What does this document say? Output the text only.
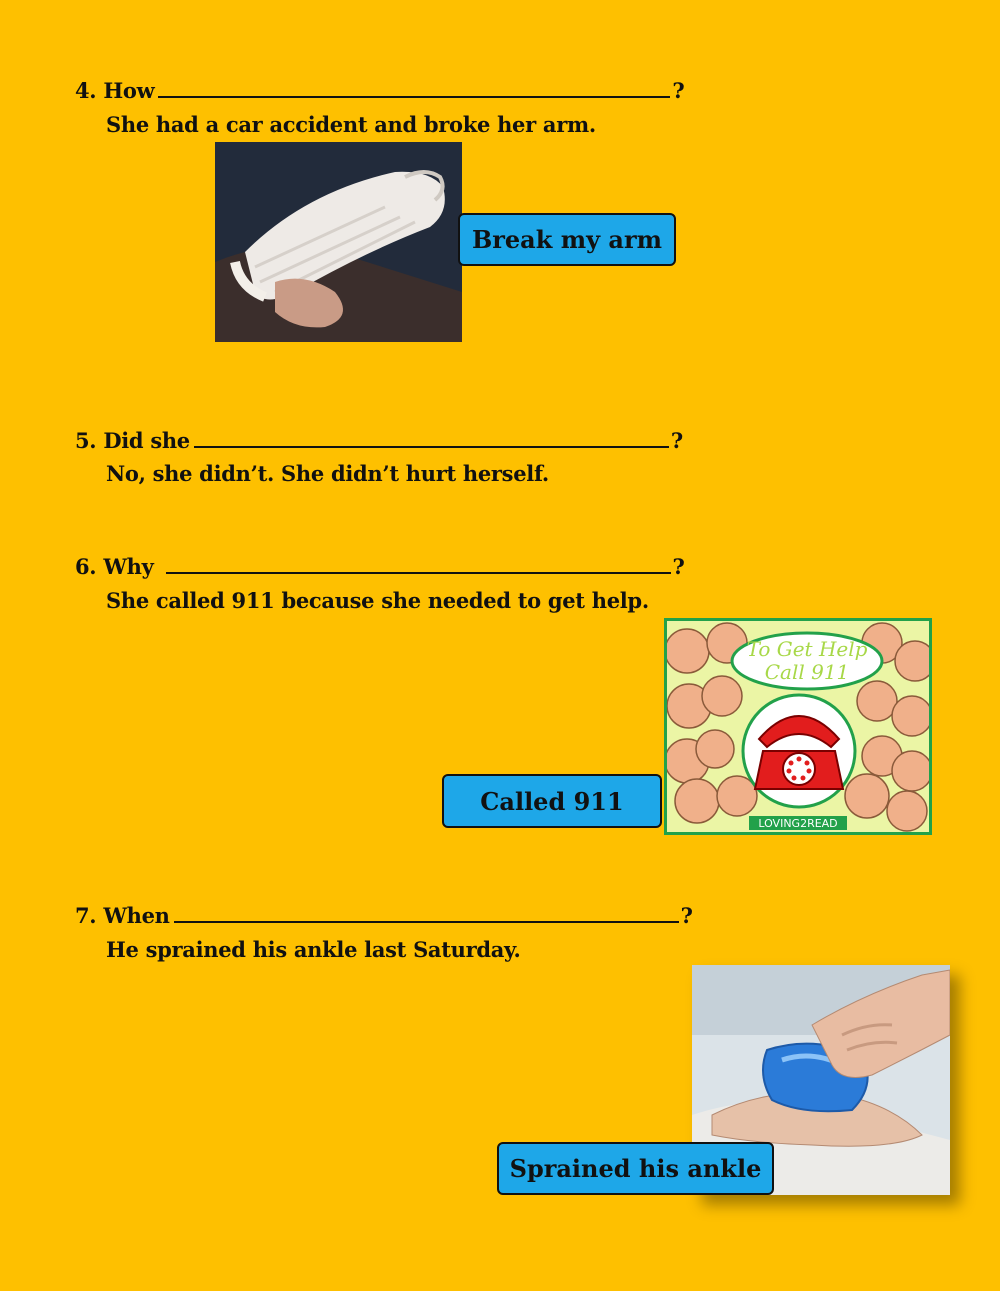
4. How	?
She had a car accident and broke her arm.
Break my arm
5. Did she	?
No, she didn’t. She didn’t hurt herself.
6. Why	?
She called 911 because she needed to get help.
To Get Help
Call 911
LOVING2READ
Called 911
7. When	?
He sprained his ankle last Saturday.
Sprained his ankle
